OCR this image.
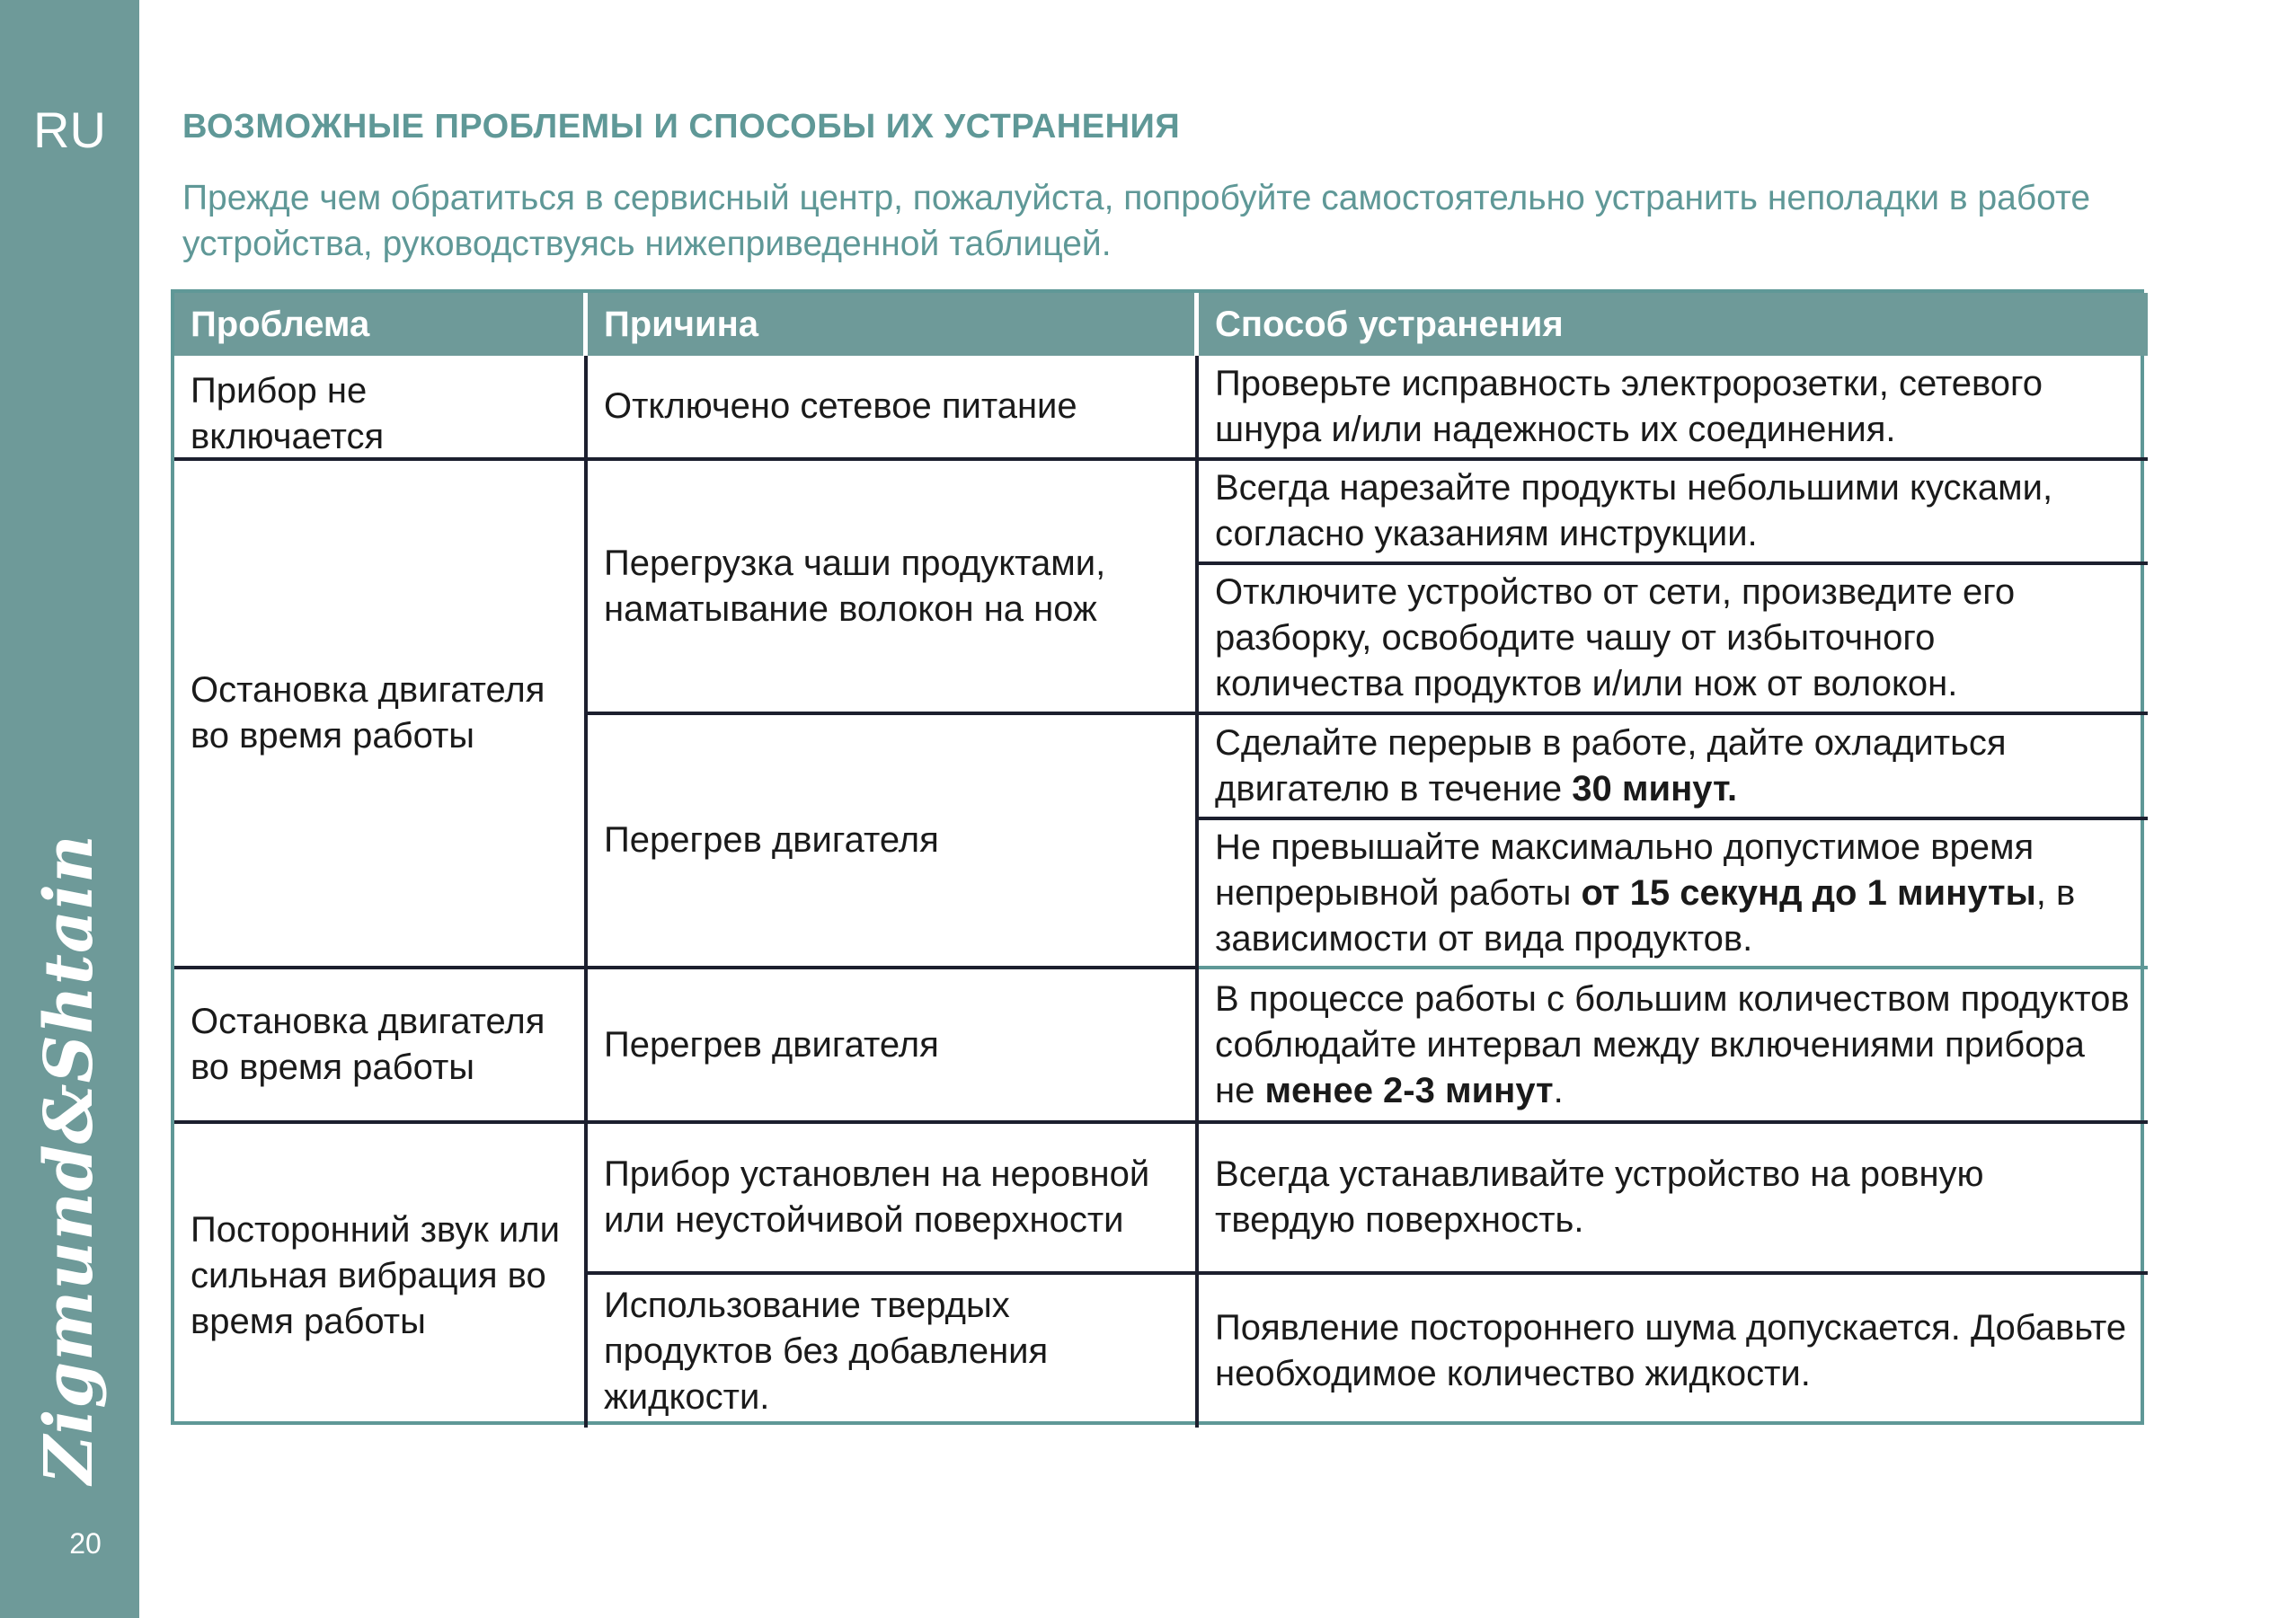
RU
Zigmund&Shtain
20
ВОЗМОЖНЫЕ ПРОБЛЕМЫ И СПОСОБЫ ИХ УСТРАНЕНИЯ
Прежде чем обратиться в сервисный центр, пожалуйста, попробуйте самостоятельно устранить неполадки в работе устройства, руководствуясь нижеприведенной таблицей.
Проблема	Причина	Способ устранения
Прибор не включается
Остановка двигателя во время работы
Остановка двигателя во время работы
Посторонний звук или сильная вибрация во время работы
Отключено сетевое питание
Перегрузка чаши продуктами, наматывание волокон на нож
Перегрев двигателя
Перегрев двигателя
Прибор установлен на неровной или неустойчивой поверхности
Использование твердых продуктов без добавления жидкости.
Проверьте исправность электророзетки, сетевого шнура и/или надежность их соединения.
Всегда нарезайте продукты небольшими кусками, согласно указаниям инструкции.
Отключите устройство от сети, произведите его разборку, освободите чашу от избыточного количества продуктов и/или нож от волокон.
Сделайте перерыв в работе, дайте охладиться двигателю в течение 30 минут.
Не превышайте максимально допустимое время непрерывной работы от 15 секунд до 1 минуты, в зависимости от вида продуктов.
В процессе работы с большим количеством продуктов соблюдайте интервал между включениями прибора не менее 2-3 минут.
Всегда устанавливайте устройство на ровную твердую поверхность.
Появление постороннего шума допускается. Добавьте необходимое количество жидкости.
